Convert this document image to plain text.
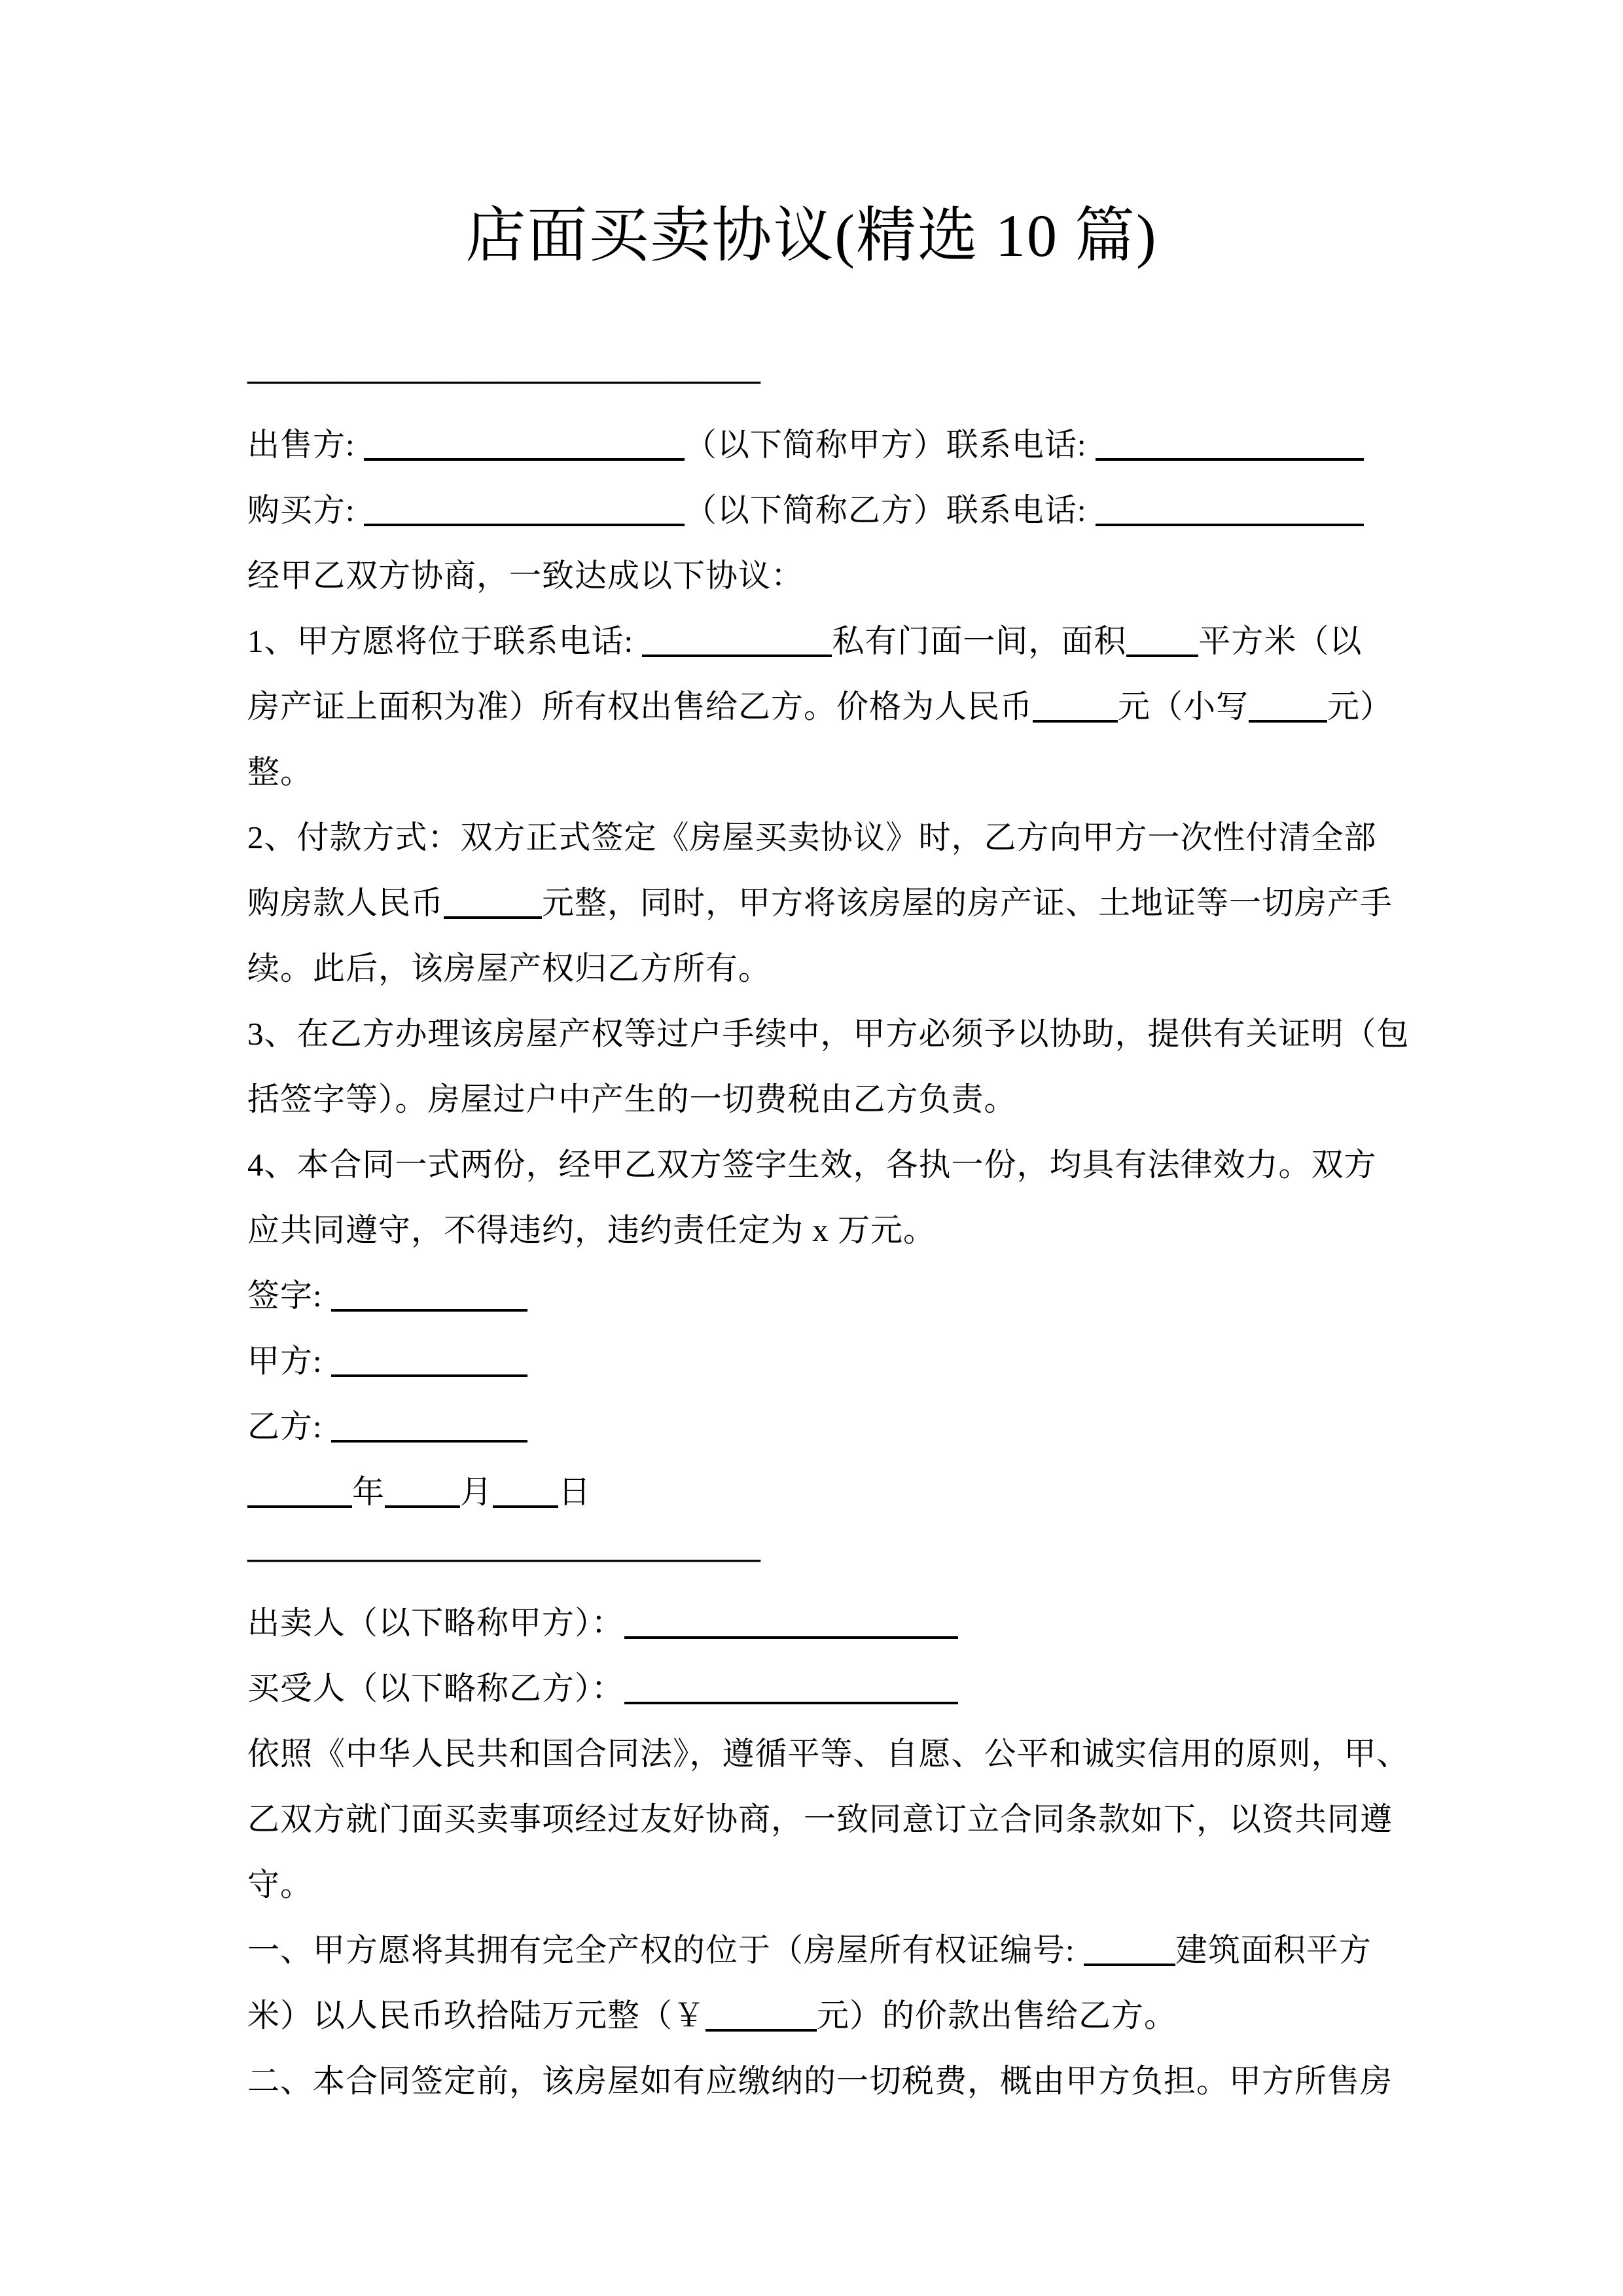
店面买卖协议(精选 10 篇)
————————————————
出售方:	（以下简称甲方）联系电话:
购买方:	（以下简称乙方）联系电话:
经甲乙双方协商，一致达成以下协议：
1、甲方愿将位于联系电话:	私有门面一间，面积 平方米（以
房产证上面积为准）所有权出售给乙方。价格为人民币	元（小写 元）
整。
2、付款方式：双方正式签定《房屋买卖协议》时，乙方向甲方一次性付清全部
购房款人民币	元整，同时，甲方将该房屋的房产证、土地证等一切房产手
续。此后，该房屋产权归乙方所有。
3、在乙方办理该房屋产权等过户手续中，甲方必须予以协助，提供有关证明（包
括签字等）。房屋过户中产生的一切费税由乙方负责。
4、本合同一式两份，经甲乙双方签字生效，各执一份，均具有法律效力。双方
应共同遵守，不得违约，违约责任定为 x 万元。
签字:
甲方:
乙方:
年 月 日
————————————————
出卖人（以下略称甲方）：
买受人（以下略称乙方）：
依照《中华人民共和国合同法》，遵循平等、自愿、公平和诚实信用的原则，甲、
乙双方就门面买卖事项经过友好协商，一致同意订立合同条款如下，以资共同遵
守。
一、甲方愿将其拥有完全产权的位于（房屋所有权证编号:	建筑面积平方
米）以人民币玖拾陆万元整（￥	元）的价款出售给乙方。
二、本合同签定前，该房屋如有应缴纳的一切税费，概由甲方负担。甲方所售房
